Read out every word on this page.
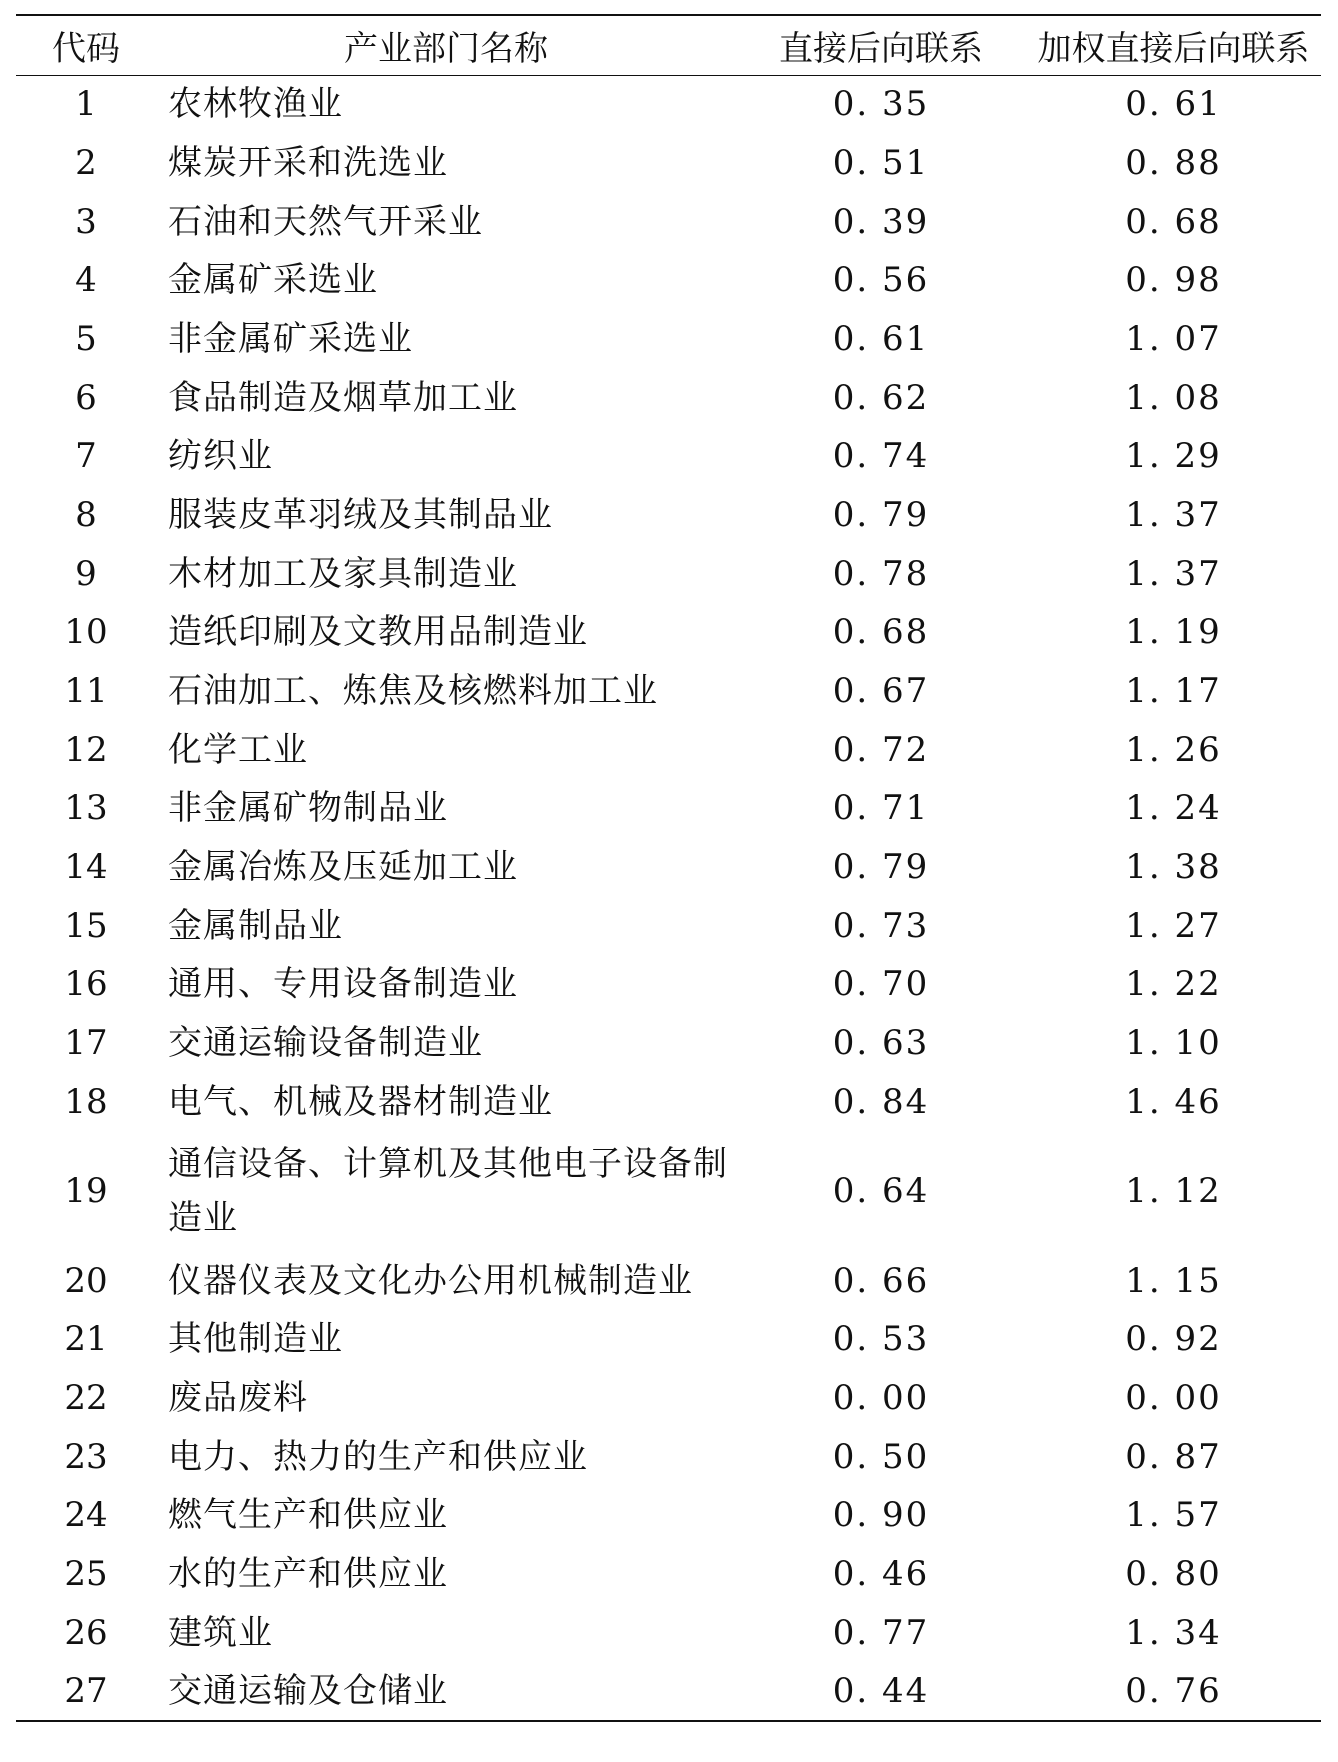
代码	产业部门名称	直接后向联系	加权直接后向联系
1	农林牧渔业	0. 35	0. 61
2	煤炭开采和洗选业	0. 51	0. 88
3	石油和天然气开采业	0. 39	0. 68
4	金属矿采选业	0. 56	0. 98
5	非金属矿采选业	0. 61	1. 07
6	食品制造及烟草加工业	0. 62	1. 08
7	纺织业	0. 74	1. 29
8	服装皮革羽绒及其制品业	0. 79	1. 37
9	木材加工及家具制造业	0. 78	1. 37
10	造纸印刷及文教用品制造业	0. 68	1. 19
11	石油加工、炼焦及核燃料加工业	0. 67	1. 17
12	化学工业	0. 72	1. 26
13	非金属矿物制品业	0. 71	1. 24
14	金属冶炼及压延加工业	0. 79	1. 38
15	金属制品业	0. 73	1. 27
16	通用、专用设备制造业	0. 70	1. 22
17	交通运输设备制造业	0. 63	1. 10
18	电气、机械及器材制造业	0. 84	1. 46
19	通信设备、计算机及其他电子设备制造业	0. 64	1. 12
20	仪器仪表及文化办公用机械制造业	0. 66	1. 15
21	其他制造业	0. 53	0. 92
22	废品废料	0. 00	0. 00
23	电力、热力的生产和供应业	0. 50	0. 87
24	燃气生产和供应业	0. 90	1. 57
25	水的生产和供应业	0. 46	0. 80
26	建筑业	0. 77	1. 34
27	交通运输及仓储业	0. 44	0. 76
